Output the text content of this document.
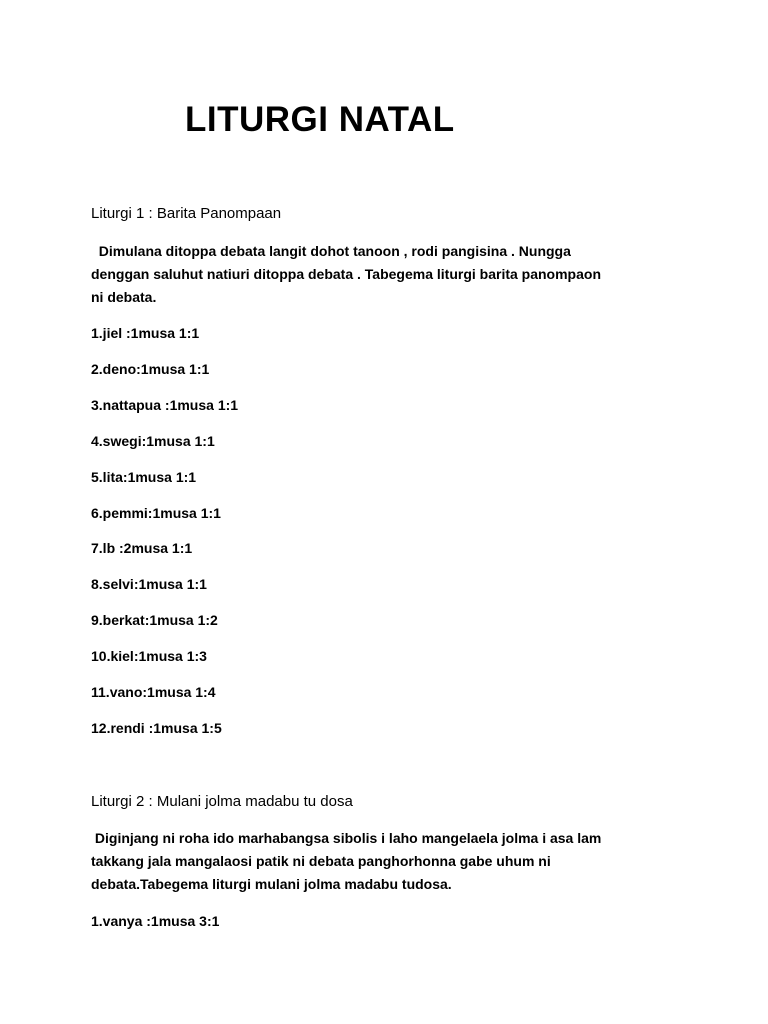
LITURGI NATAL
Liturgi 1 : Barita Panompaan
Dimulana ditoppa debata langit dohot tanoon , rodi pangisina . Nungga
denggan saluhut natiuri ditoppa debata . Tabegema liturgi barita panompaon
ni debata.
1.jiel :1musa 1:1
2.deno:1musa 1:1
3.nattapua :1musa 1:1
4.swegi:1musa 1:1
5.lita:1musa 1:1
6.pemmi:1musa 1:1
7.lb :2musa 1:1
8.selvi:1musa 1:1
9.berkat:1musa 1:2
10.kiel:1musa 1:3
11.vano:1musa 1:4
12.rendi :1musa 1:5
Liturgi 2 : Mulani jolma madabu tu dosa
Diginjang ni roha ido marhabangsa sibolis i laho mangelaela jolma i asa lam
takkang jala mangalaosi patik ni debata panghorhonna gabe uhum ni
debata.Tabegema liturgi mulani jolma madabu tudosa.
1.vanya :1musa 3:1
